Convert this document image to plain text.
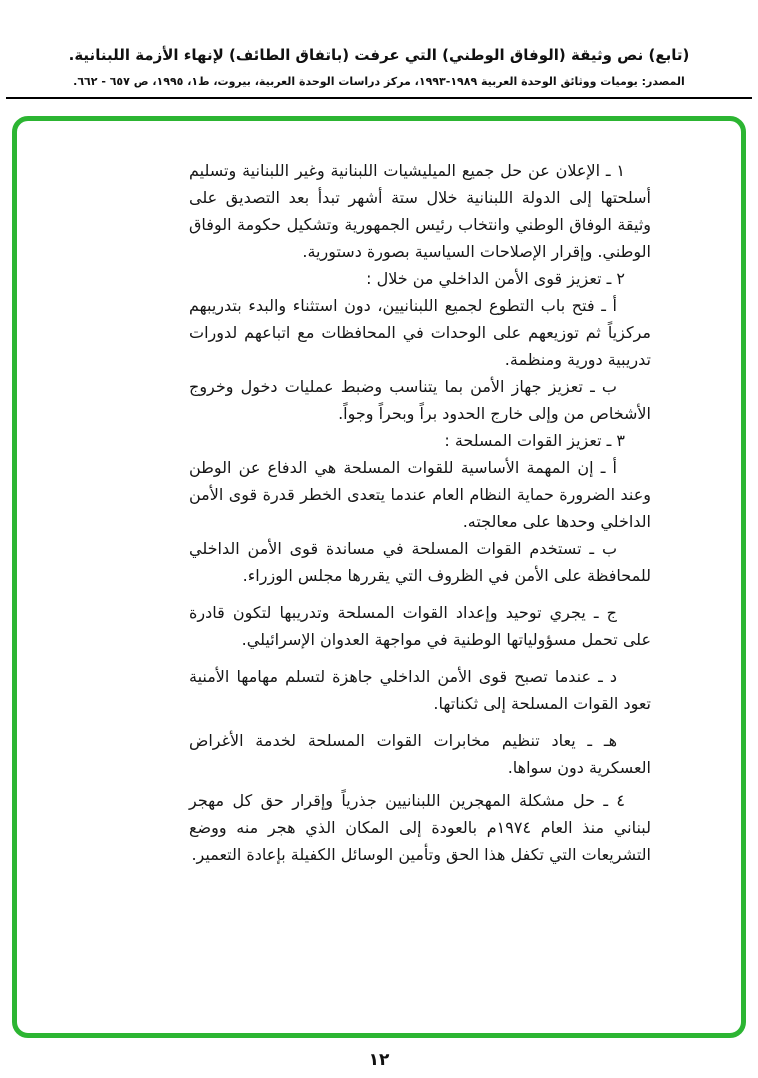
(تابع) نص وثيقة (الوفاق الوطني) التي عرفت (باتفاق الطائف) لإنهاء الأزمة اللبنانية.

المصدر: يوميات ووثائق الوحدة العربية ١٩٨٩-١٩٩٣، مركز دراسات الوحدة العربية، بيروت، ط١، ١٩٩٥، ص ٦٥٧ - ٦٦٢.

١ ـ الإعلان عن حل جميع الميليشيات اللبنانية وغير اللبنانية وتسليم أسلحتها إلى الدولة اللبنانية خلال ستة أشهر تبدأ بعد التصديق على وثيقة الوفاق الوطني وانتخاب رئيس الجمهورية وتشكيل حكومة الوفاق الوطني. وإقرار الإصلاحات السياسية بصورة دستورية.

٢ ـ تعزيز قوى الأمن الداخلي من خلال :

أ ـ فتح باب التطوع لجميع اللبنانيين، دون استثناء والبدء بتدريبهم مركزياً ثم توزيعهم على الوحدات في المحافظات مع اتباعهم لدورات تدريبية دورية ومنظمة.

ب ـ تعزيز جهاز الأمن بما يتناسب وضبط عمليات دخول وخروج الأشخاص من وإلى خارج الحدود براً وبحراً وجواً.

٣ ـ تعزيز القوات المسلحة :

أ ـ إن المهمة الأساسية للقوات المسلحة هي الدفاع عن الوطن وعند الضرورة حماية النظام العام عندما يتعدى الخطر قدرة قوى الأمن الداخلي وحدها على معالجته.

ب ـ تستخدم القوات المسلحة في مساندة قوى الأمن الداخلي للمحافظة على الأمن في الظروف التي يقررها مجلس الوزراء.

ج ـ يجري توحيد وإعداد القوات المسلحة وتدريبها لتكون قادرة على تحمل مسؤولياتها الوطنية في مواجهة العدوان الإسرائيلي.

د ـ عندما تصبح قوى الأمن الداخلي جاهزة لتسلم مهامها الأمنية تعود القوات المسلحة إلى ثكناتها.

هـ ـ يعاد تنظيم مخابرات القوات المسلحة لخدمة الأغراض العسكرية دون سواها.

٤ ـ حل مشكلة المهجرين اللبنانيين جذرياً وإقرار حق كل مهجر لبناني منذ العام ١٩٧٤م بالعودة إلى المكان الذي هجر منه ووضع التشريعات التي تكفل هذا الحق وتأمين الوسائل الكفيلة بإعادة التعمير.

١٢
